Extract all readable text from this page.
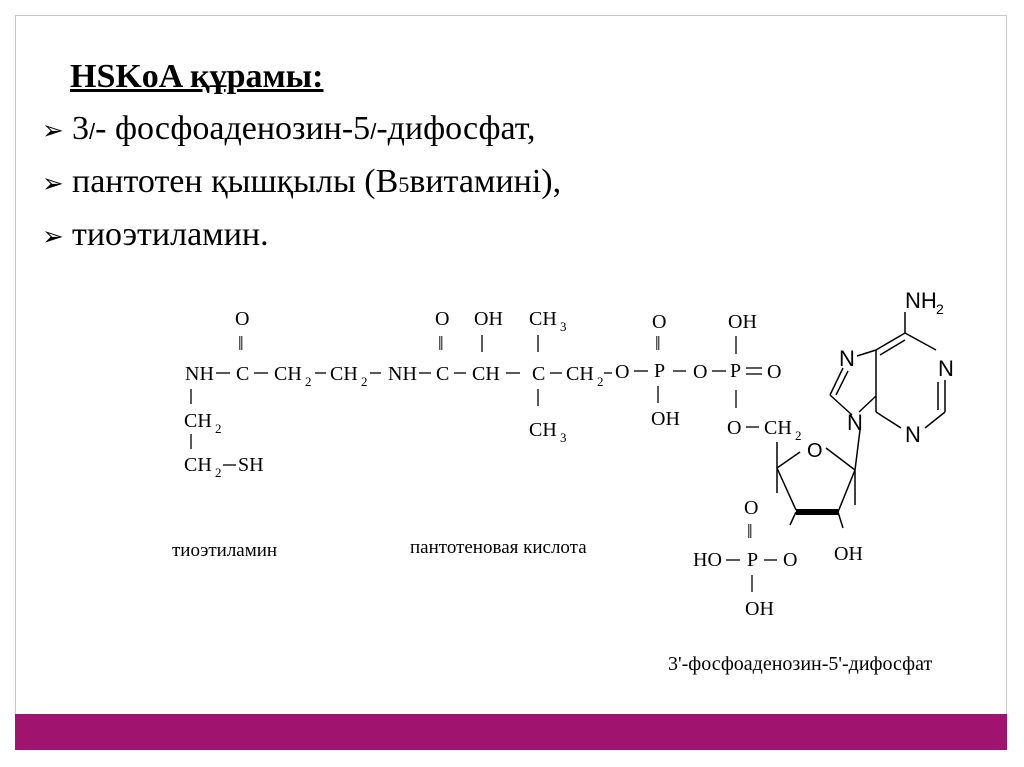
HSKoA құрамы:
➢ 3 / - фосфоаденозин-5 / -дифосфат,
➢ пантотен қышқылы (B 5 витамині),
➢ тиоэтиламин.
O
‖
NH C CH 2 CH 2 NH
CH 2
CH 2 SH
O
‖
C
OH
CH
CH 3
C
CH 3
CH 2 O
O
‖
P
OH
O
OH
P O
O CH 2
O
OH
O
‖
HO P O
OH
NH 2
N	N
N N
тиоэтиламин	пантотеновая кислота
3'-фосфоаденозин-5'-дифосфат
